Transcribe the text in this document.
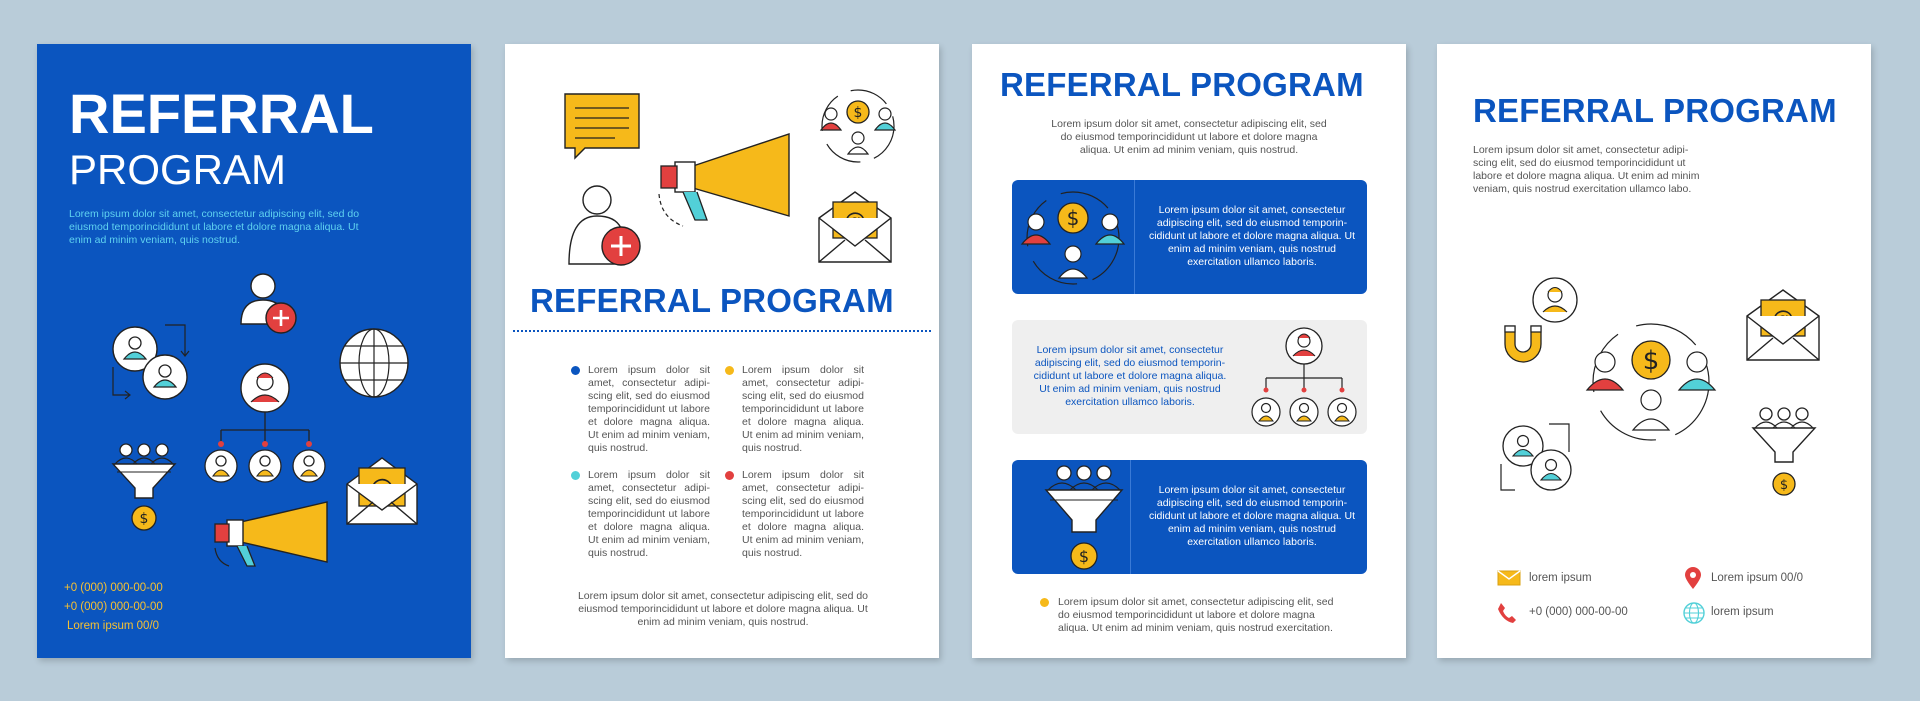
REFERRAL
PROGRAM
Lorem ipsum dolor sit amet, consectetur adipiscing elit, sed do eiusmod temporincididunt ut labore et dolore magna aliqua. Ut enim ad minim veniam, quis nostrud.
$
+0 (000) 000-00-00
+0 (000) 000-00-00
Lorem ipsum 00/0
$
REFERRAL PROGRAM
Lorem ipsum dolor sit amet, consectetur adipi-scing elit, sed do eiusmod temporincididunt ut labore et dolore magna aliqua. Ut enim ad minim veniam, quis nostrud.
Lorem ipsum dolor sit amet, consectetur adipi-scing elit, sed do eiusmod temporincididunt ut labore et dolore magna aliqua. Ut enim ad minim veniam, quis nostrud.
Lorem ipsum dolor sit amet, consectetur adipi-scing elit, sed do eiusmod temporincididunt ut labore et dolore magna aliqua. Ut enim ad minim veniam, quis nostrud.
Lorem ipsum dolor sit amet, consectetur adipi-scing elit, sed do eiusmod temporincididunt ut labore et dolore magna aliqua. Ut enim ad minim veniam, quis nostrud.
Lorem ipsum dolor sit amet, consectetur adipiscing elit, sed do eiusmod temporincididunt ut labore et dolore magna aliqua. Ut enim ad minim veniam, quis nostrud.
REFERRAL PROGRAM
Lorem ipsum dolor sit amet, consectetur adipiscing elit, sed do eiusmod temporincididunt ut labore et dolore magna aliqua. Ut enim ad minim veniam, quis nostrud.
$	Lorem ipsum dolor sit amet, consectetur adipiscing elit, sed do eiusmod temporin-cididunt ut labore et dolore magna aliqua. Ut enim ad minim veniam, quis nostrud exercitation ullamco laboris.
Lorem ipsum dolor sit amet, consectetur adipiscing elit, sed do eiusmod temporin-cididunt ut labore et dolore magna aliqua. Ut enim ad minim veniam, quis nostrud exercitation ullamco laboris.
$
Lorem ipsum dolor sit amet, consectetur adipiscing elit, sed do eiusmod temporin-cididunt ut labore et dolore magna aliqua. Ut enim ad minim veniam, quis nostrud exercitation ullamco laboris.
Lorem ipsum dolor sit amet, consectetur adipiscing elit, sed do eiusmod temporincididunt ut labore et dolore magna aliqua. Ut enim ad minim veniam, quis nostrud exercitation.
REFERRAL PROGRAM
Lorem ipsum dolor sit amet, consectetur adipi-scing elit, sed do eiusmod temporincididunt ut labore et dolore magna aliqua. Ut enim ad minim veniam, quis nostrud exercitation ullamco labo.
$
$
lorem ipsum	Lorem ipsum 00/0
+0 (000) 000-00-00	lorem ipsum
